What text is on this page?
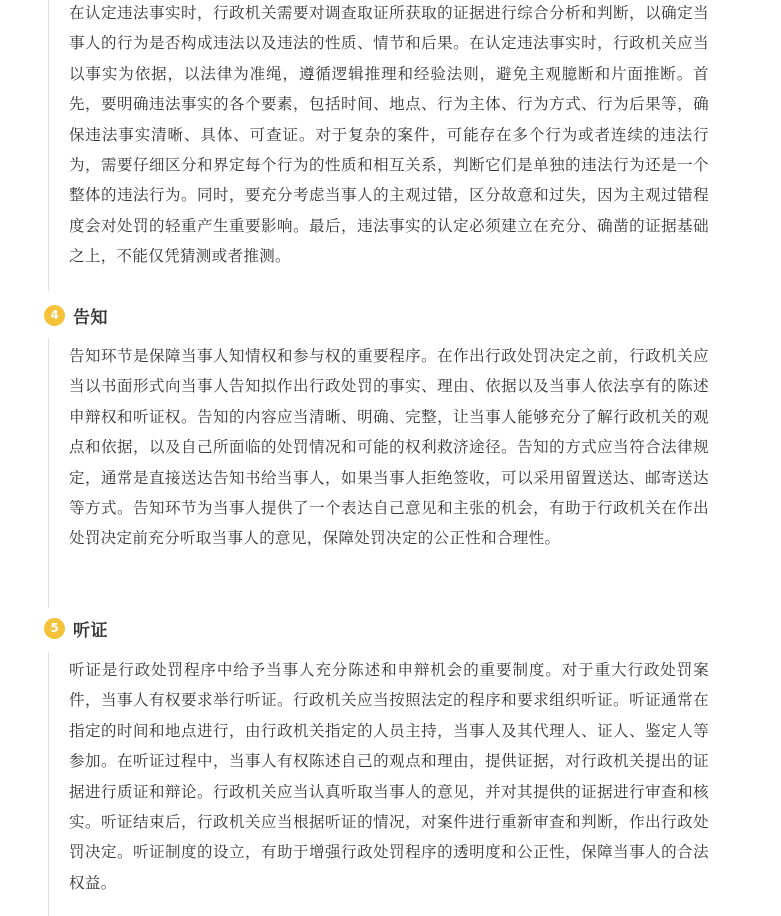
在认定违法事实时，行政机关需要对调查取证所获取的证据进行综合分析和判断，以确定当事人的行为是否构成违法以及违法的性质、情节和后果。在认定违法事实时，行政机关应当以事实为依据，以法律为准绳，遵循逻辑推理和经验法则，避免主观臆断和片面推断。首先，要明确违法事实的各个要素，包括时间、地点、行为主体、行为方式、行为后果等，确保违法事实清晰、具体、可查证。对于复杂的案件，可能存在多个行为或者连续的违法行为，需要仔细区分和界定每个行为的性质和相互关系，判断它们是单独的违法行为还是一个整体的违法行为。同时，要充分考虑当事人的主观过错，区分故意和过失，因为主观过错程度会对处罚的轻重产生重要影响。最后，违法事实的认定必须建立在充分、确凿的证据基础之上，不能仅凭猜测或者推测。

4 告知

告知环节是保障当事人知情权和参与权的重要程序。在作出行政处罚决定之前，行政机关应当以书面形式向当事人告知拟作出行政处罚的事实、理由、依据以及当事人依法享有的陈述申辩权和听证权。告知的内容应当清晰、明确、完整，让当事人能够充分了解行政机关的观点和依据，以及自己所面临的处罚情况和可能的权利救济途径。告知的方式应当符合法律规定，通常是直接送达告知书给当事人，如果当事人拒绝签收，可以采用留置送达、邮寄送达等方式。告知环节为当事人提供了一个表达自己意见和主张的机会，有助于行政机关在作出处罚决定前充分听取当事人的意见，保障处罚决定的公正性和合理性。

5 听证

听证是行政处罚程序中给予当事人充分陈述和申辩机会的重要制度。对于重大行政处罚案件，当事人有权要求举行听证。行政机关应当按照法定的程序和要求组织听证。听证通常在指定的时间和地点进行，由行政机关指定的人员主持，当事人及其代理人、证人、鉴定人等参加。在听证过程中，当事人有权陈述自己的观点和理由，提供证据，对行政机关提出的证据进行质证和辩论。行政机关应当认真听取当事人的意见，并对其提供的证据进行审查和核实。听证结束后，行政机关应当根据听证的情况，对案件进行重新审查和判断，作出行政处罚决定。听证制度的设立，有助于增强行政处罚程序的透明度和公正性，保障当事人的合法权益。
